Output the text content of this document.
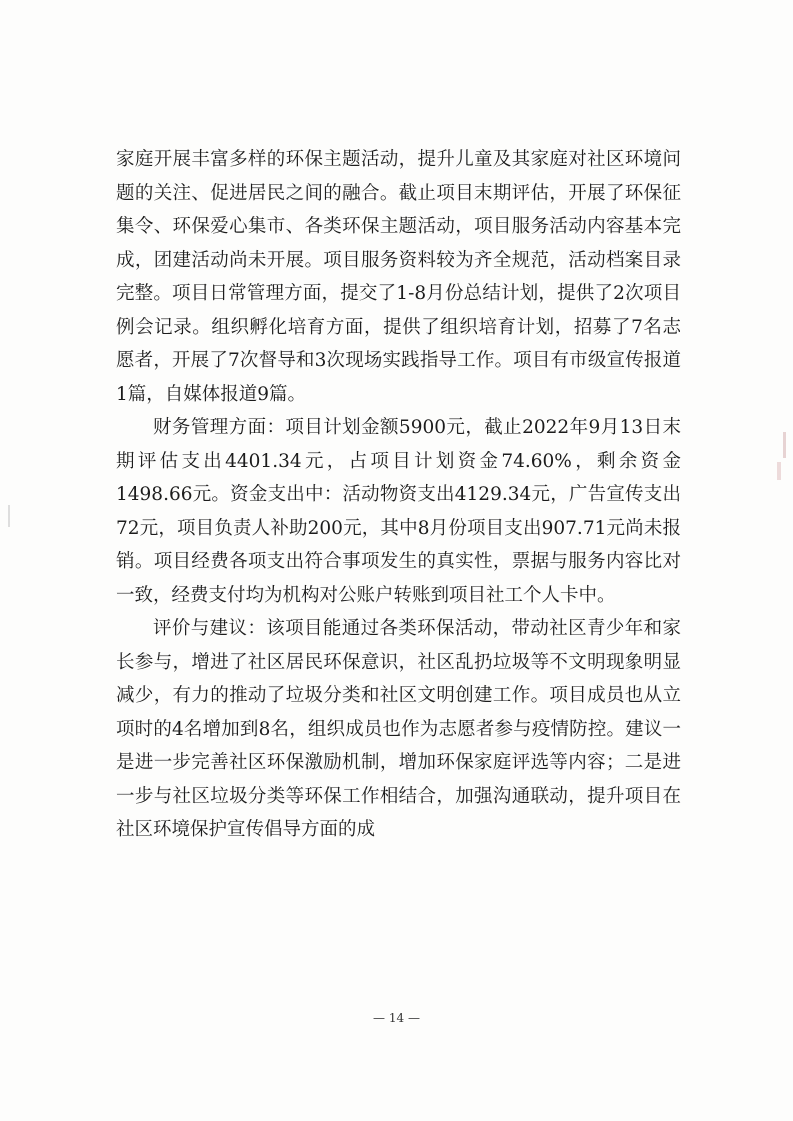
家庭开展丰富多样的环保主题活动，提升儿童及其家庭对社区环境问题的关注、促进居民之间的融合。截止项目末期评估，开展了环保征集令、环保爱心集市、各类环保主题活动，项目服务活动内容基本完成，团建活动尚未开展。项目服务资料较为齐全规范，活动档案目录完整。项目日常管理方面，提交了1-8月份总结计划，提供了2次项目例会记录。组织孵化培育方面，提供了组织培育计划，招募了7名志愿者，开展了7次督导和3次现场实践指导工作。项目有市级宣传报道1篇，自媒体报道9篇。

财务管理方面：项目计划金额5900元，截止2022年9月13日末期评估支出4401.34元，占项目计划资金74.60%，剩余资金1498.66元。资金支出中：活动物资支出4129.34元，广告宣传支出72元，项目负责人补助200元，其中8月份项目支出907.71元尚未报销。项目经费各项支出符合事项发生的真实性，票据与服务内容比对一致，经费支付均为机构对公账户转账到项目社工个人卡中。

评价与建议：该项目能通过各类环保活动，带动社区青少年和家长参与，增进了社区居民环保意识，社区乱扔垃圾等不文明现象明显减少，有力的推动了垃圾分类和社区文明创建工作。项目成员也从立项时的4名增加到8名，组织成员也作为志愿者参与疫情防控。建议一是进一步完善社区环保激励机制，增加环保家庭评选等内容；二是进一步与社区垃圾分类等环保工作相结合，加强沟通联动，提升项目在社区环境保护宣传倡导方面的成

— 14 —
